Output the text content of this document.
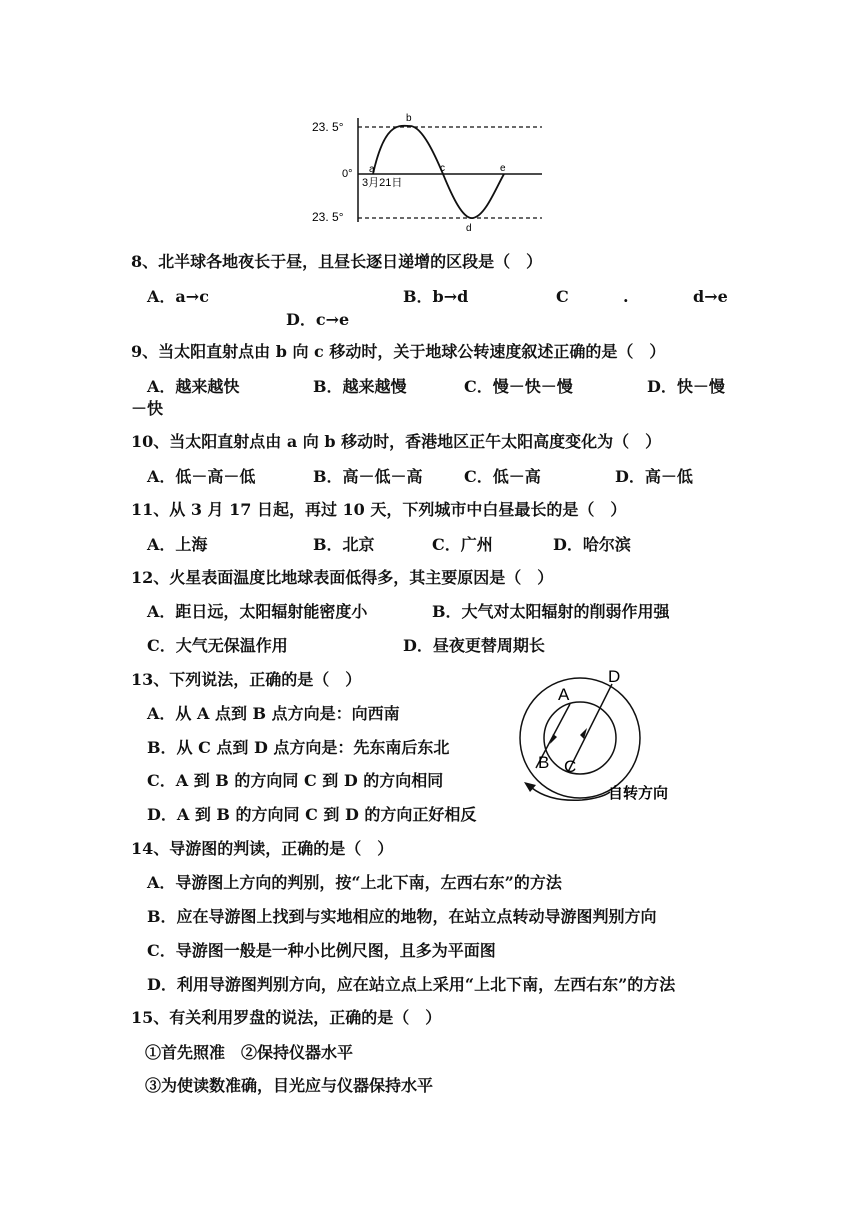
23. 5°
0°
23. 5°
3月21日
a
b
c
d
e
8、北半球各地夜长于昼，且昼长逐日递增的区段是（　）
A．a→c	B．b→d	C	.	d→e
D．c→e
9、当太阳直射点由 b 向 c 移动时，关于地球公转速度叙述正确的是（　）
A．越来越快	B．越来越慢	C．慢－快－慢	D．快－慢
－快
10、当太阳直射点由 a 向 b 移动时，香港地区正午太阳高度变化为（　）
A．低－高－低	B．高－低－高	C．低－高	D．高－低
11、从 3 月 17 日起，再过 10 天，下列城市中白昼最长的是（　）
A．上海	B．北京	C．广州	D．哈尔滨
12、火星表面温度比地球表面低得多，其主要原因是（　）
A．距日远，太阳辐射能密度小	B．大气对太阳辐射的削弱作用强
C．大气无保温作用	D．昼夜更替周期长
13、下列说法，正确的是（　）
A．从 A 点到 B 点方向是：向西南
B．从 C 点到 D 点方向是：先东南后东北
C．A 到 B 的方向同 C 到 D 的方向相同
D．A 到 B 的方向同 C 到 D 的方向正好相反
A
B C
D
自转方向
14、导游图的判读，正确的是（　）
A．导游图上方向的判别，按“上北下南，左西右东”的方法
B．应在导游图上找到与实地相应的地物，在站立点转动导游图判别方向
C．导游图一般是一种小比例尺图，且多为平面图
D．利用导游图判别方向，应在站立点上采用“上北下南，左西右东”的方法
15、有关利用罗盘的说法，正确的是（　）
①首先照准　②保持仪器水平
③为使读数准确，目光应与仪器保持水平
